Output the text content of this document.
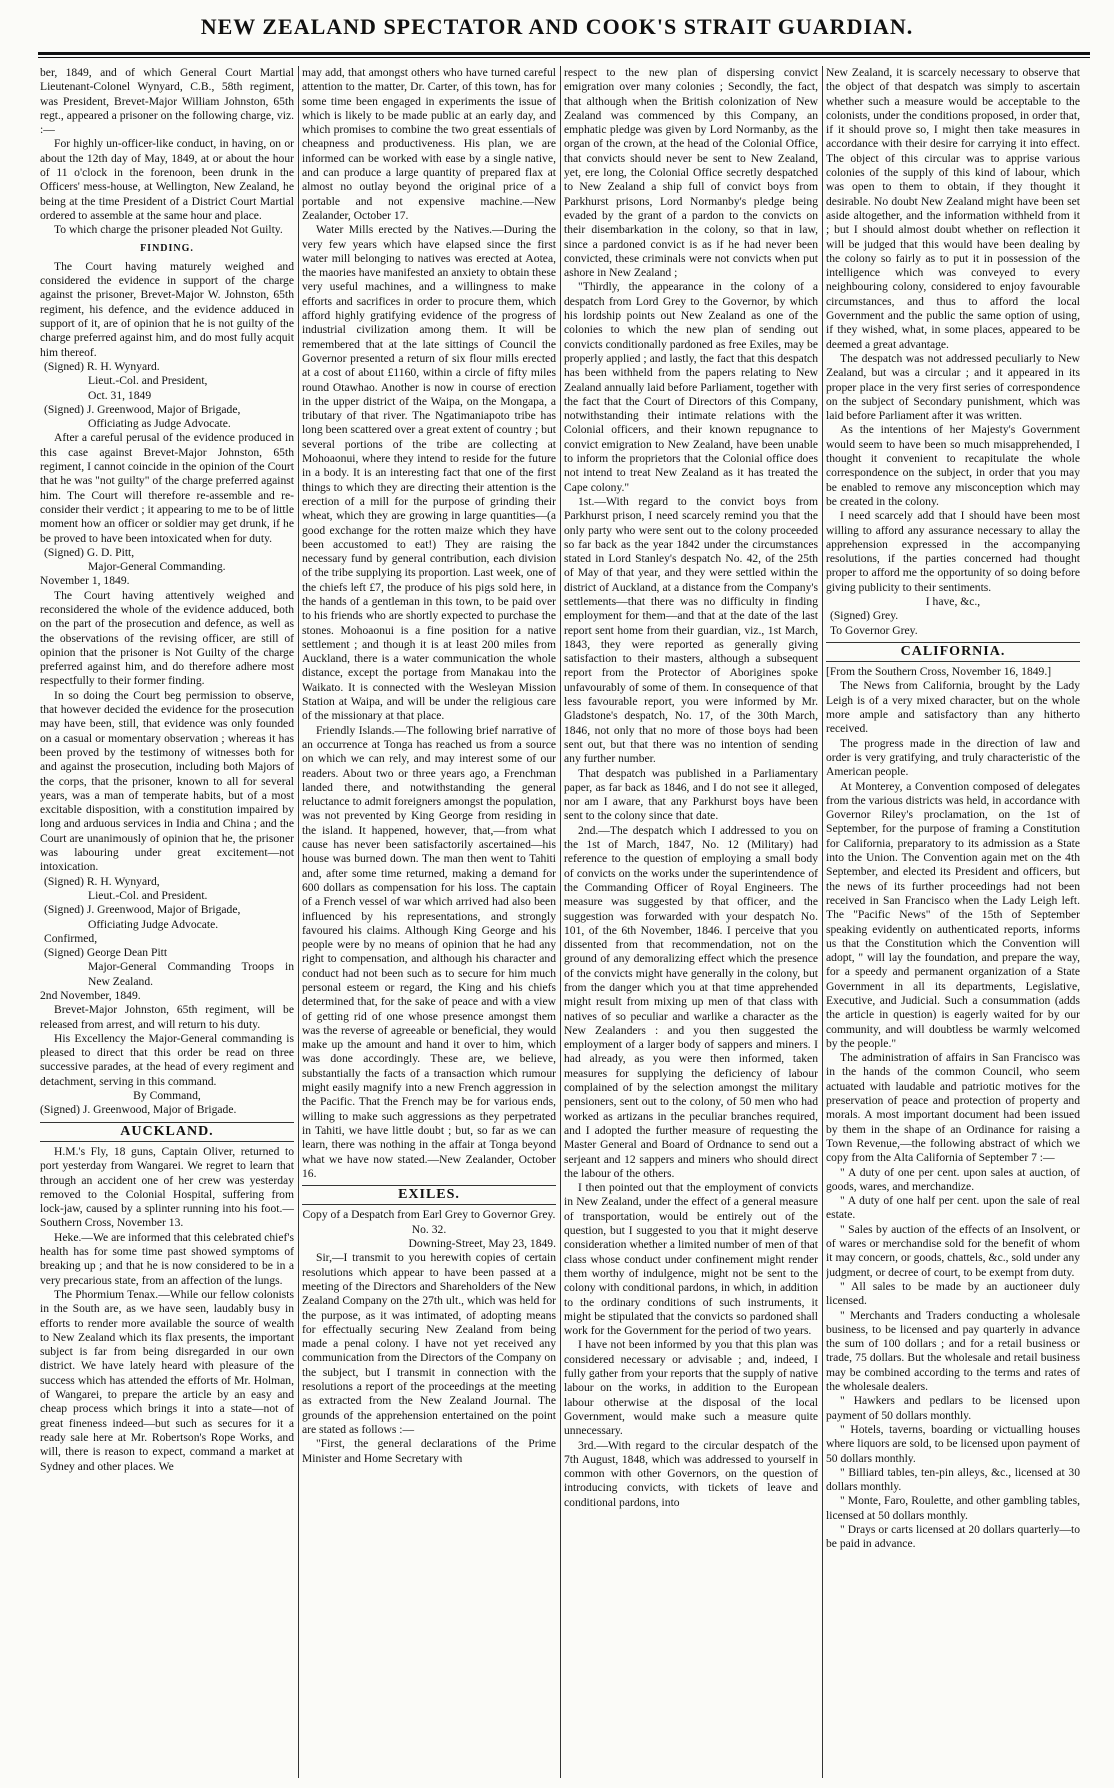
NEW ZEALAND SPECTATOR AND COOK'S STRAIT GUARDIAN.

ber, 1849, and of which General Court Martial Lieutenant-Colonel Wynyard, C.B., 58th regiment, was President, Brevet-Major William Johnston, 65th regt., appeared a prisoner on the following charge, viz. :—

For highly un-officer-like conduct, in having, on or about the 12th day of May, 1849, at or about the hour of 11 o'clock in the forenoon, been drunk in the Officers' mess-house, at Wellington, New Zealand, he being at the time President of a District Court Martial ordered to assemble at the same hour and place.

To which charge the prisoner pleaded Not Guilty.

FINDING.

The Court having maturely weighed and considered the evidence in support of the charge against the prisoner, Brevet-Major W. Johnston, 65th regiment, his defence, and the evidence adduced in support of it, are of opinion that he is not guilty of the charge preferred against him, and do most fully acquit him thereof.

(Signed) R. H. Wynyard.

Lieut.-Col. and President,

Oct. 31, 1849

(Signed) J. Greenwood, Major of Brigade,

Officiating as Judge Advocate.

After a careful perusal of the evidence produced in this case against Brevet-Major Johnston, 65th regiment, I cannot coincide in the opinion of the Court that he was "not guilty" of the charge preferred against him. The Court will therefore re-assemble and re-consider their verdict ; it appearing to me to be of little moment how an officer or soldier may get drunk, if he be proved to have been intoxicated when for duty.

(Signed) G. D. Pitt,

Major-General Commanding.

November 1, 1849.

The Court having attentively weighed and reconsidered the whole of the evidence adduced, both on the part of the prosecution and defence, as well as the observations of the revising officer, are still of opinion that the prisoner is Not Guilty of the charge preferred against him, and do therefore adhere most respectfully to their former finding.

In so doing the Court beg permission to observe, that however decided the evidence for the prosecution may have been, still, that evidence was only founded on a casual or momentary observation ; whereas it has been proved by the testimony of witnesses both for and against the prosecution, including both Majors of the corps, that the prisoner, known to all for several years, was a man of temperate habits, but of a most excitable disposition, with a constitution impaired by long and arduous services in India and China ; and the Court are unanimously of opinion that he, the prisoner was labouring under great excitement—not intoxication.

(Signed) R. H. Wynyard,

Lieut.-Col. and President.

(Signed) J. Greenwood, Major of Brigade,

Officiating Judge Advocate.

Confirmed,

(Signed) George Dean Pitt

Major-General Commanding Troops in New Zealand.

2nd November, 1849.

Brevet-Major Johnston, 65th regiment, will be released from arrest, and will return to his duty.

His Excellency the Major-General commanding is pleased to direct that this order be read on three successive parades, at the head of every regiment and detachment, serving in this command.

By Command,

(Signed) J. Greenwood, Major of Brigade.

AUCKLAND.

H.M.'s Fly, 18 guns, Captain Oliver, returned to port yesterday from Wangarei. We regret to learn that through an accident one of her crew was yesterday removed to the Colonial Hospital, suffering from lock-jaw, caused by a splinter running into his foot.—Southern Cross, November 13.

Heke.—We are informed that this celebrated chief's health has for some time past showed symptoms of breaking up ; and that he is now considered to be in a very precarious state, from an affection of the lungs.

The Phormium Tenax.—While our fellow colonists in the South are, as we have seen, laudably busy in efforts to render more available the source of wealth to New Zealand which its flax presents, the important subject is far from being disregarded in our own district. We have lately heard with pleasure of the success which has attended the efforts of Mr. Holman, of Wangarei, to prepare the article by an easy and cheap process which brings it into a state—not of great fineness indeed—but such as secures for it a ready sale here at Mr. Robertson's Rope Works, and will, there is reason to expect, command a market at Sydney and other places. We

may add, that amongst others who have turned careful attention to the matter, Dr. Carter, of this town, has for some time been engaged in experiments the issue of which is likely to be made public at an early day, and which promises to combine the two great essentials of cheapness and productiveness. His plan, we are informed can be worked with ease by a single native, and can produce a large quantity of prepared flax at almost no outlay beyond the original price of a portable and not expensive machine.—New Zealander, October 17.

Water Mills erected by the Natives.—During the very few years which have elapsed since the first water mill belonging to natives was erected at Aotea, the maories have manifested an anxiety to obtain these very useful machines, and a willingness to make efforts and sacrifices in order to procure them, which afford highly gratifying evidence of the progress of industrial civilization among them. It will be remembered that at the late sittings of Council the Governor presented a return of six flour mills erected at a cost of about £1160, within a circle of fifty miles round Otawhao. Another is now in course of erection in the upper district of the Waipa, on the Mongapa, a tributary of that river. The Ngatimaniapoto tribe has long been scattered over a great extent of country ; but several portions of the tribe are collecting at Mohoaonui, where they intend to reside for the future in a body. It is an interesting fact that one of the first things to which they are directing their attention is the erection of a mill for the purpose of grinding their wheat, which they are growing in large quantities—(a good exchange for the rotten maize which they have been accustomed to eat!) They are raising the necessary fund by general contribution, each division of the tribe supplying its proportion. Last week, one of the chiefs left £7, the produce of his pigs sold here, in the hands of a gentleman in this town, to be paid over to his friends who are shortly expected to purchase the stones. Mohoaonui is a fine position for a native settlement ; and though it is at least 200 miles from Auckland, there is a water communication the whole distance, except the portage from Manakau into the Waikato. It is connected with the Wesleyan Mission Station at Waipa, and will be under the religious care of the missionary at that place.

Friendly Islands.—The following brief narrative of an occurrence at Tonga has reached us from a source on which we can rely, and may interest some of our readers. About two or three years ago, a Frenchman landed there, and notwithstanding the general reluctance to admit foreigners amongst the population, was not prevented by King George from residing in the island. It happened, however, that,—from what cause has never been satisfactorily ascertained—his house was burned down. The man then went to Tahiti and, after some time returned, making a demand for 600 dollars as compensation for his loss. The captain of a French vessel of war which arrived had also been influenced by his representations, and strongly favoured his claims. Although King George and his people were by no means of opinion that he had any right to compensation, and although his character and conduct had not been such as to secure for him much personal esteem or regard, the King and his chiefs determined that, for the sake of peace and with a view of getting rid of one whose presence amongst them was the reverse of agreeable or beneficial, they would make up the amount and hand it over to him, which was done accordingly. These are, we believe, substantially the facts of a transaction which rumour might easily magnify into a new French aggression in the Pacific. That the French may be for various ends, willing to make such aggressions as they perpetrated in Tahiti, we have little doubt ; but, so far as we can learn, there was nothing in the affair at Tonga beyond what we have now stated.—New Zealander, October 16.

EXILES.

Copy of a Despatch from Earl Grey to Governor Grey.

No. 32.

Downing-Street, May 23, 1849.

Sir,—I transmit to you herewith copies of certain resolutions which appear to have been passed at a meeting of the Directors and Shareholders of the New Zealand Company on the 27th ult., which was held for the purpose, as it was intimated, of adopting means for effectually securing New Zealand from being made a penal colony. I have not yet received any communication from the Directors of the Company on the subject, but I transmit in connection with the resolutions a report of the proceedings at the meeting as extracted from the New Zealand Journal. The grounds of the apprehension entertained on the point are stated as follows :—

"First, the general declarations of the Prime Minister and Home Secretary with

respect to the new plan of dispersing convict emigration over many colonies ; Secondly, the fact, that although when the British colonization of New Zealand was commenced by this Company, an emphatic pledge was given by Lord Normanby, as the organ of the crown, at the head of the Colonial Office, that convicts should never be sent to New Zealand, yet, ere long, the Colonial Office secretly despatched to New Zealand a ship full of convict boys from Parkhurst prisons, Lord Normanby's pledge being evaded by the grant of a pardon to the convicts on their disembarkation in the colony, so that in law, since a pardoned convict is as if he had never been convicted, these criminals were not convicts when put ashore in New Zealand ;

"Thirdly, the appearance in the colony of a despatch from Lord Grey to the Governor, by which his lordship points out New Zealand as one of the colonies to which the new plan of sending out convicts conditionally pardoned as free Exiles, may be properly applied ; and lastly, the fact that this despatch has been withheld from the papers relating to New Zealand annually laid before Parliament, together with the fact that the Court of Directors of this Company, notwithstanding their intimate relations with the Colonial officers, and their known repugnance to convict emigration to New Zealand, have been unable to inform the proprietors that the Colonial office does not intend to treat New Zealand as it has treated the Cape colony."

1st.—With regard to the convict boys from Parkhurst prison, I need scarcely remind you that the only party who were sent out to the colony proceeded so far back as the year 1842 under the circumstances stated in Lord Stanley's despatch No. 42, of the 25th of May of that year, and they were settled within the district of Auckland, at a distance from the Company's settlements—that there was no difficulty in finding employment for them—and that at the date of the last report sent home from their guardian, viz., 1st March, 1843, they were reported as generally giving satisfaction to their masters, although a subsequent report from the Protector of Aborigines spoke unfavourably of some of them. In consequence of that less favourable report, you were informed by Mr. Gladstone's despatch, No. 17, of the 30th March, 1846, not only that no more of those boys had been sent out, but that there was no intention of sending any further number.

That despatch was published in a Parliamentary paper, as far back as 1846, and I do not see it alleged, nor am I aware, that any Parkhurst boys have been sent to the colony since that date.

2nd.—The despatch which I addressed to you on the 1st of March, 1847, No. 12 (Military) had reference to the question of employing a small body of convicts on the works under the superintendence of the Commanding Officer of Royal Engineers. The measure was suggested by that officer, and the suggestion was forwarded with your despatch No. 101, of the 6th November, 1846. I perceive that you dissented from that recommendation, not on the ground of any demoralizing effect which the presence of the convicts might have generally in the colony, but from the danger which you at that time apprehended might result from mixing up men of that class with natives of so peculiar and warlike a character as the New Zealanders : and you then suggested the employment of a larger body of sappers and miners. I had already, as you were then informed, taken measures for supplying the deficiency of labour complained of by the selection amongst the military pensioners, sent out to the colony, of 50 men who had worked as artizans in the peculiar branches required, and I adopted the further measure of requesting the Master General and Board of Ordnance to send out a serjeant and 12 sappers and miners who should direct the labour of the others.

I then pointed out that the employment of convicts in New Zealand, under the effect of a general measure of transportation, would be entirely out of the question, but I suggested to you that it might deserve consideration whether a limited number of men of that class whose conduct under confinement might render them worthy of indulgence, might not be sent to the colony with conditional pardons, in which, in addition to the ordinary conditions of such instruments, it might be stipulated that the convicts so pardoned shall work for the Government for the period of two years.

I have not been informed by you that this plan was considered necessary or advisable ; and, indeed, I fully gather from your reports that the supply of native labour on the works, in addition to the European labour otherwise at the disposal of the local Government, would make such a measure quite unnecessary.

3rd.—With regard to the circular despatch of the 7th August, 1848, which was addressed to yourself in common with other Governors, on the question of introducing convicts, with tickets of leave and conditional pardons, into

New Zealand, it is scarcely necessary to observe that the object of that despatch was simply to ascertain whether such a measure would be acceptable to the colonists, under the conditions proposed, in order that, if it should prove so, I might then take measures in accordance with their desire for carrying it into effect. The object of this circular was to apprise various colonies of the supply of this kind of labour, which was open to them to obtain, if they thought it desirable. No doubt New Zealand might have been set aside altogether, and the information withheld from it ; but I should almost doubt whether on reflection it will be judged that this would have been dealing by the colony so fairly as to put it in possession of the intelligence which was conveyed to every neighbouring colony, considered to enjoy favourable circumstances, and thus to afford the local Government and the public the same option of using, if they wished, what, in some places, appeared to be deemed a great advantage.

The despatch was not addressed peculiarly to New Zealand, but was a circular ; and it appeared in its proper place in the very first series of correspondence on the subject of Secondary punishment, which was laid before Parliament after it was written.

As the intentions of her Majesty's Government would seem to have been so much misapprehended, I thought it convenient to recapitulate the whole correspondence on the subject, in order that you may be enabled to remove any misconception which may be created in the colony.

I need scarcely add that I should have been most willing to afford any assurance necessary to allay the apprehension expressed in the accompanying resolutions, if the parties concerned had thought proper to afford me the opportunity of so doing before giving publicity to their sentiments.

I have, &c.,

(Signed) Grey.

To Governor Grey.

CALIFORNIA.

[From the Southern Cross, November 16, 1849.]

The News from California, brought by the Lady Leigh is of a very mixed character, but on the whole more ample and satisfactory than any hitherto received.

The progress made in the direction of law and order is very gratifying, and truly characteristic of the American people.

At Monterey, a Convention composed of delegates from the various districts was held, in accordance with Governor Riley's proclamation, on the 1st of September, for the purpose of framing a Constitution for California, preparatory to its admission as a State into the Union. The Convention again met on the 4th September, and elected its President and officers, but the news of its further proceedings had not been received in San Francisco when the Lady Leigh left. The "Pacific News" of the 15th of September speaking evidently on authenticated reports, informs us that the Constitution which the Convention will adopt, " will lay the foundation, and prepare the way, for a speedy and permanent organization of a State Government in all its departments, Legislative, Executive, and Judicial. Such a consummation (adds the article in question) is eagerly waited for by our community, and will doubtless be warmly welcomed by the people."

The administration of affairs in San Francisco was in the hands of the common Council, who seem actuated with laudable and patriotic motives for the preservation of peace and protection of property and morals. A most important document had been issued by them in the shape of an Ordinance for raising a Town Revenue,—the following abstract of which we copy from the Alta California of September 7 :—

" A duty of one per cent. upon sales at auction, of goods, wares, and merchandize.

" A duty of one half per cent. upon the sale of real estate.

" Sales by auction of the effects of an Insolvent, or of wares or merchandise sold for the benefit of whom it may concern, or goods, chattels, &c., sold under any judgment, or decree of court, to be exempt from duty.

" All sales to be made by an auctioneer duly licensed.

" Merchants and Traders conducting a wholesale business, to be licensed and pay quarterly in advance the sum of 100 dollars ; and for a retail business or trade, 75 dollars. But the wholesale and retail business may be combined according to the terms and rates of the wholesale dealers.

" Hawkers and pedlars to be licensed upon payment of 50 dollars monthly.

" Hotels, taverns, boarding or victualling houses where liquors are sold, to be licensed upon payment of 50 dollars monthly.

" Billiard tables, ten-pin alleys, &c., licensed at 30 dollars monthly.

" Monte, Faro, Roulette, and other gambling tables, licensed at 50 dollars monthly.

" Drays or carts licensed at 20 dollars quarterly—to be paid in advance.
